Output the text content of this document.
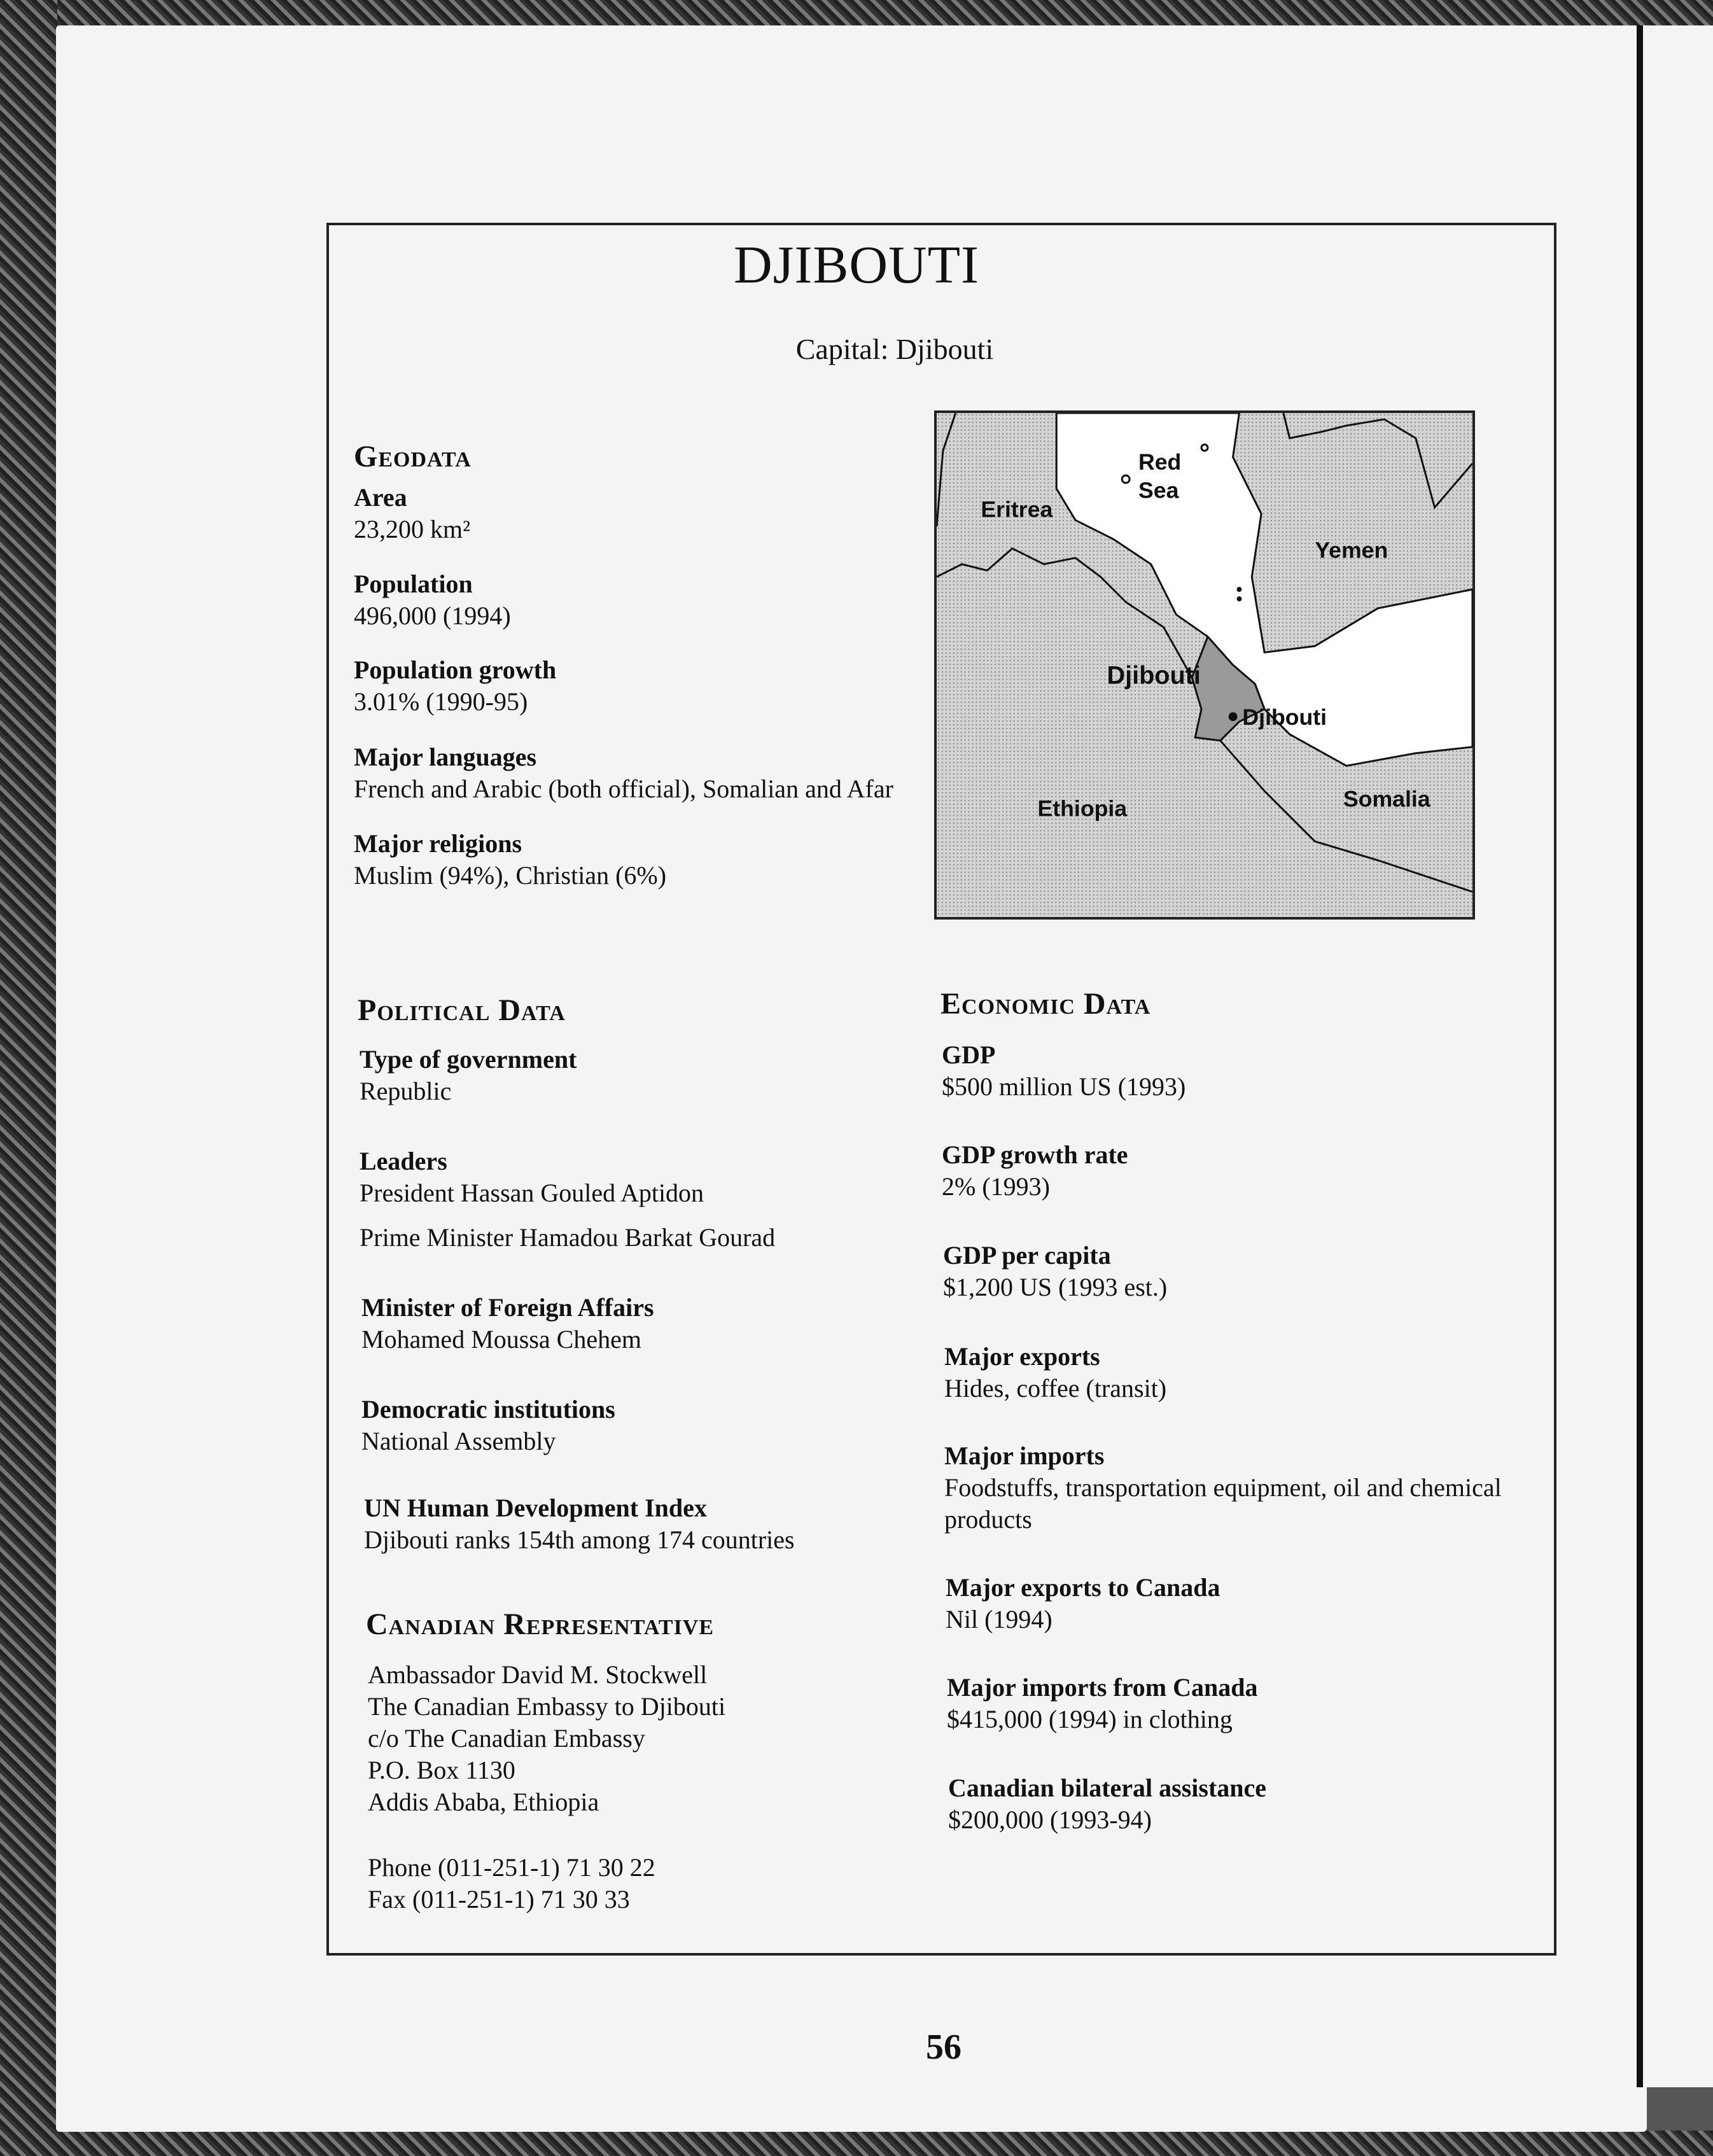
DJIBOUTI
Capital: Djibouti
Red
Sea
Eritrea
Yemen
Djibouti
Djibouti
Ethiopia	Somalia
Geodata
Area
23,200 km²
Population
496,000 (1994)
Population growth
3.01% (1990-95)
Major languages
French and Arabic (both official), Somalian and Afar
Major religions
Muslim (94%), Christian (6%)
Political Data
Type of government
Republic
Leaders
President Hassan Gouled Aptidon
Prime Minister Hamadou Barkat Gourad
Minister of Foreign Affairs
Mohamed Moussa Chehem
Democratic institutions
National Assembly
UN Human Development Index
Djibouti ranks 154th among 174 countries
Canadian Representative
Ambassador David M. Stockwell
The Canadian Embassy to Djibouti
c/o The Canadian Embassy
P.O. Box 1130
Addis Ababa, Ethiopia
Phone (011-251-1) 71 30 22
Fax (011-251-1) 71 30 33
Economic Data
GDP
$500 million US (1993)
GDP growth rate
2% (1993)
GDP per capita
$1,200 US (1993 est.)
Major exports
Hides, coffee (transit)
Major imports
Foodstuffs, transportation equipment, oil and chemical
products
Major exports to Canada
Nil (1994)
Major imports from Canada
$415,000 (1994) in clothing
Canadian bilateral assistance
$200,000 (1993-94)
56
